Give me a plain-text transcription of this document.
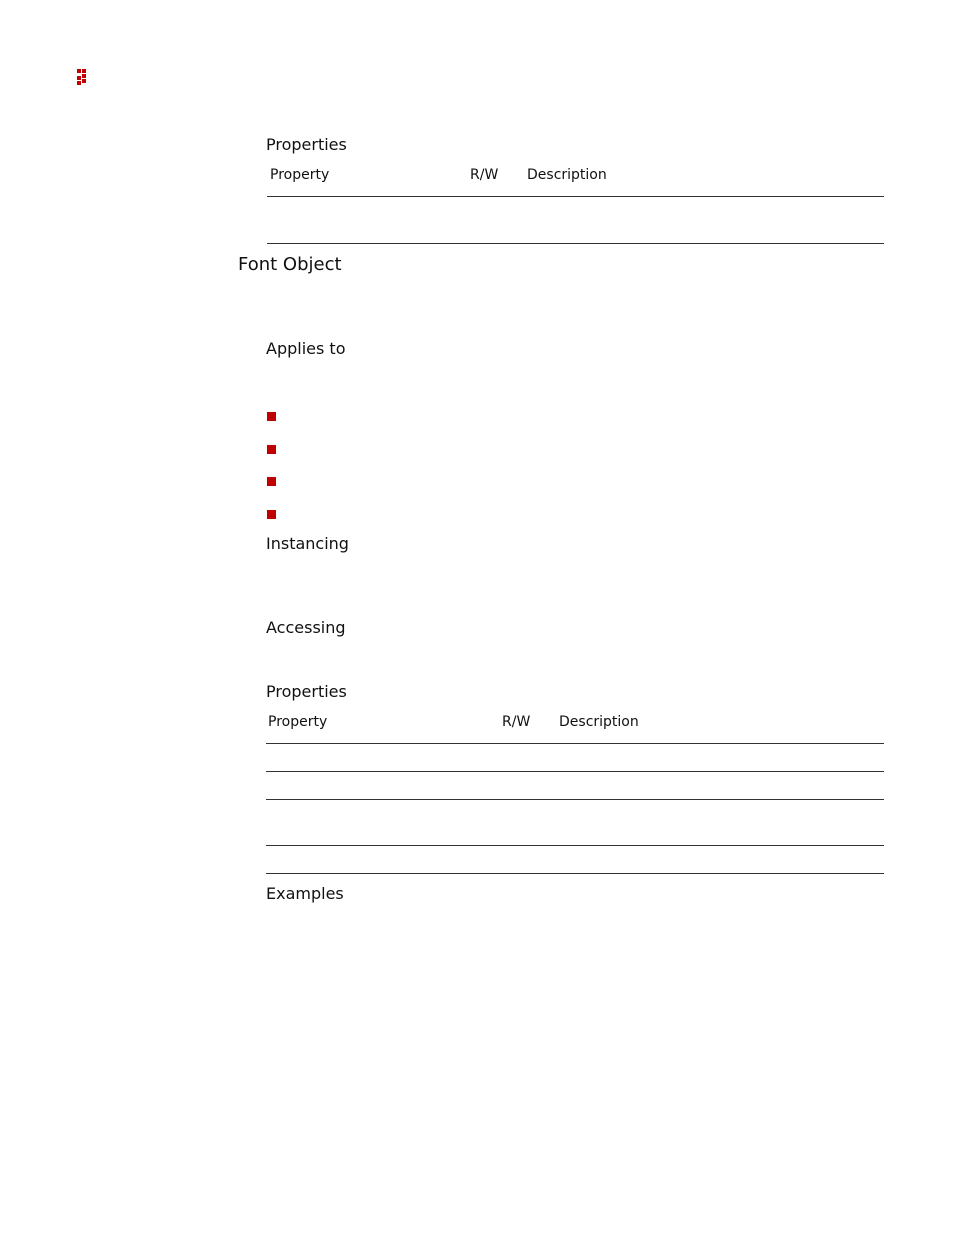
Properties
Property	R/W Description
Font Object
Applies to
Instancing
Accessing
Properties
Property	R/W Description
Examples
